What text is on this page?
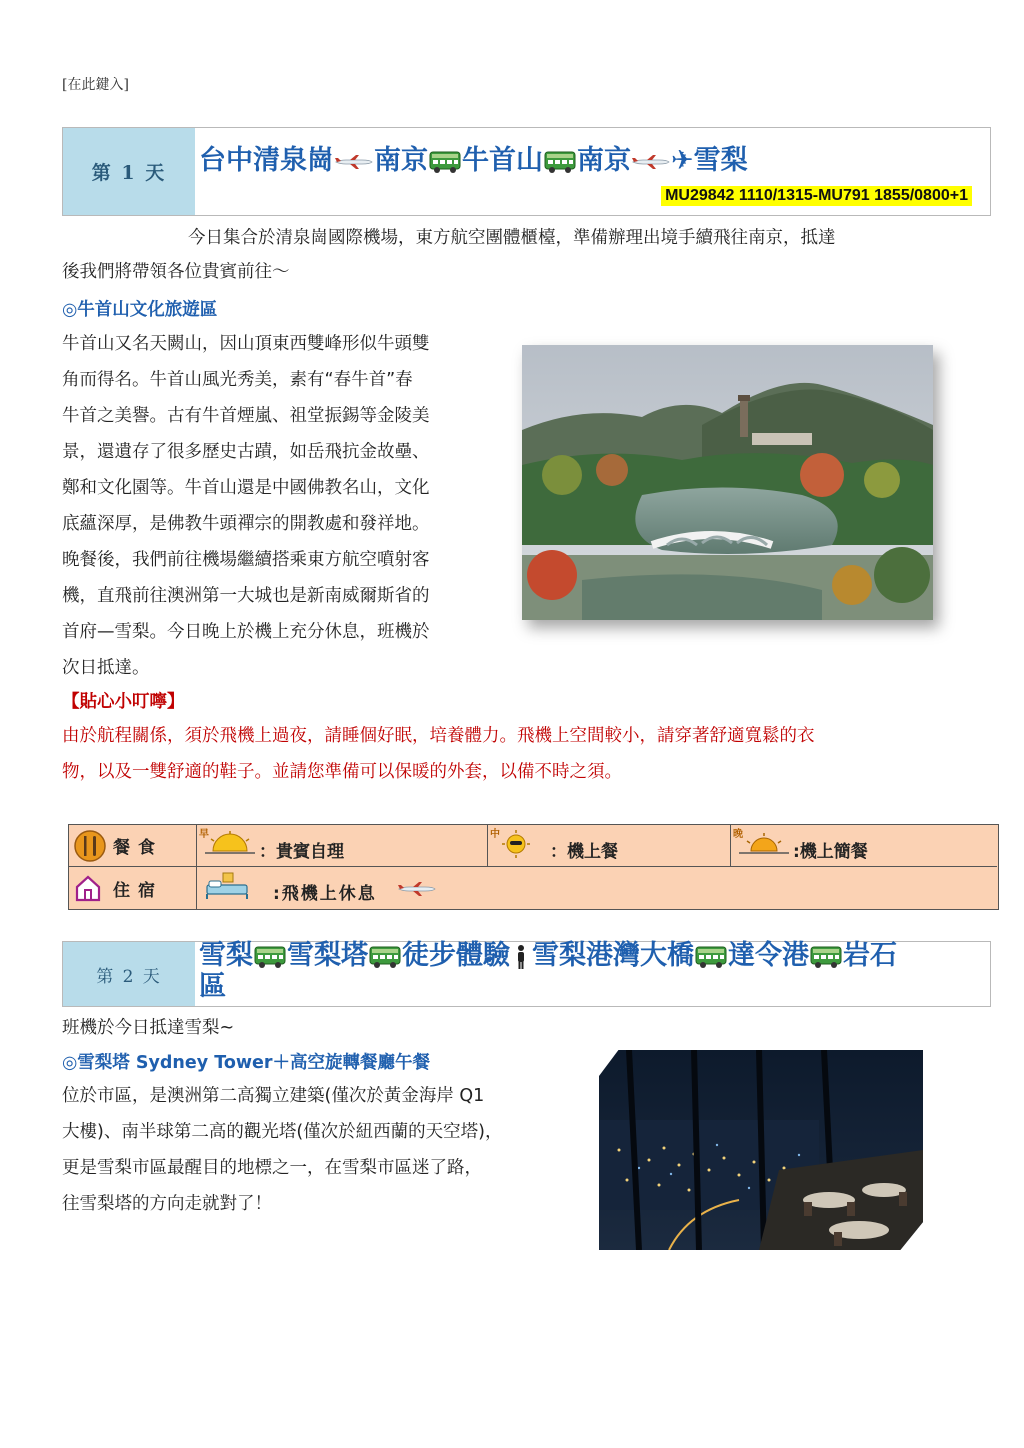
[在此鍵入]
第 1 天	台中清泉崗 南京 牛首山 南京 ✈雪梨
MU29842 1110/1315-MU791 1855/0800+1
今日集合於清泉崗國際機場，東方航空團體櫃檯，準備辦理出境手續飛往南京，抵達
後我們將帶領各位貴賓前往～
◎牛首山文化旅遊區
牛首山又名天闕山，因山頂東西雙峰形似牛頭雙
角而得名。牛首山風光秀美，素有“春牛首”春
牛首之美譽。古有牛首煙嵐、祖堂振錫等金陵美
景，還遺存了很多歷史古蹟，如岳飛抗金故壘、
鄭和文化園等。牛首山還是中國佛教名山，文化
底蘊深厚，是佛教牛頭禪宗的開教處和發祥地。
晚餐後，我們前往機場繼續搭乘東方航空噴射客
機，直飛前往澳洲第一大城也是新南威爾斯省的
首府—雪梨。今日晚上於機上充分休息，班機於
次日抵達。
【貼心小叮嚀】
由於航程關係，須於飛機上過夜，請睡個好眠，培養體力。飛機上空間較小，請穿著舒適寬鬆的衣
物，以及一雙舒適的鞋子。並請您準備可以保暖的外套，以備不時之須。
餐食
早
：貴賓自理
中
：機上餐
晚
:機上簡餐
住宿	:飛機上休息
第 2 天
雪梨 雪梨塔 徒步體驗 雪梨港灣大橋 達令港 岩石
區
班機於今日抵達雪梨~
◎雪梨塔 Sydney Tower＋高空旋轉餐廳午餐
位於市區，是澳洲第二高獨立建築(僅次於黃金海岸 Q1
大樓)、南半球第二高的觀光塔(僅次於紐西蘭的天空塔)，
更是雪梨市區最醒目的地標之一，在雪梨市區迷了路，
往雪梨塔的方向走就對了！
